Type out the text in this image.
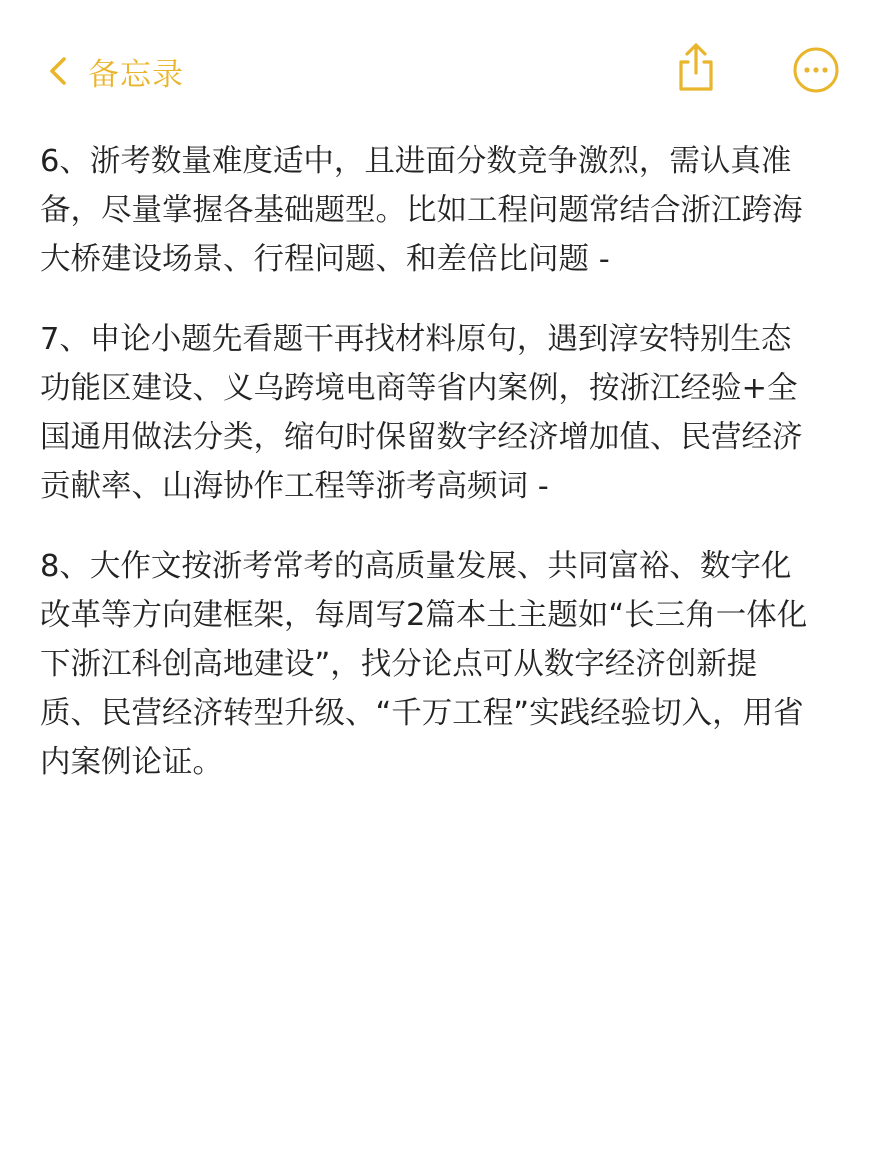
备忘录

6、浙考数量难度适中，且进面分数竞争激烈，需认真准
备，尽量掌握各基础题型。比如工程问题常结合浙江跨海
大桥建设场景、行程问题、和差倍比问题 -

7、申论小题先看题干再找材料原句，遇到淳安特别生态
功能区建设、义乌跨境电商等省内案例，按浙江经验+全
国通用做法分类，缩句时保留数字经济增加值、民营经济
贡献率、山海协作工程等浙考高频词 -

8、大作文按浙考常考的高质量发展、共同富裕、数字化
改革等方向建框架，每周写2篇本土主题如“长三角一体化
下浙江科创高地建设”，找分论点可从数字经济创新提
质、民营经济转型升级、“千万工程”实践经验切入，用省
内案例论证。
